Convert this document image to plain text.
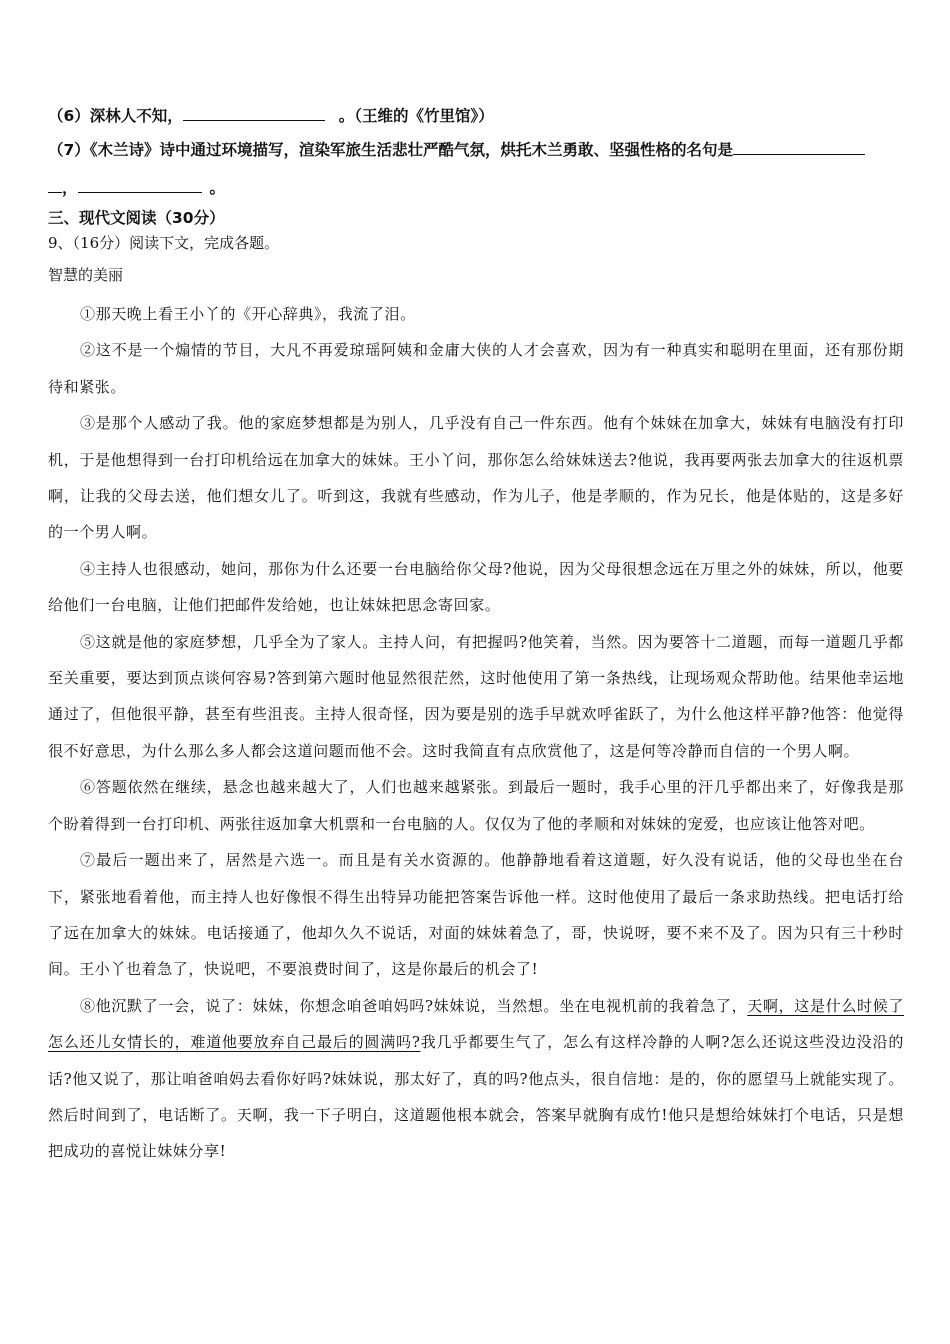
（6）深林人不知，	。（王维的《竹里馆》）
（7）《木兰诗》诗中通过环境描写，渲染军旅生活悲壮严酷气氛，烘托木兰勇敢、坚强性格的名句是
，	。
三、现代文阅读（30分）
9、（16分）阅读下文，完成各题。
智慧的美丽

①那天晚上看王小丫的《开心辞典》，我流了泪。

②这不是一个煽情的节目，大凡不再爱琼瑶阿姨和金庸大侠的人才会喜欢，因为有一种真实和聪明在里面，还有那份期待和紧张。

③是那个人感动了我。他的家庭梦想都是为别人，几乎没有自己一件东西。他有个妹妹在加拿大，妹妹有电脑没有打印机，于是他想得到一台打印机给远在加拿大的妹妹。王小丫问，那你怎么给妹妹送去?他说，我再要两张去加拿大的往返机票啊，让我的父母去送，他们想女儿了。听到这，我就有些感动，作为儿子，他是孝顺的，作为兄长，他是体贴的，这是多好的一个男人啊。

④主持人也很感动，她问，那你为什么还要一台电脑给你父母?他说，因为父母很想念远在万里之外的妹妹，所以，他要给他们一台电脑，让他们把邮件发给她，也让妹妹把思念寄回家。

⑤这就是他的家庭梦想，几乎全为了家人。主持人问，有把握吗?他笑着，当然。因为要答十二道题，而每一道题几乎都至关重要，要达到顶点谈何容易?答到第六题时他显然很茫然，这时他使用了第一条热线，让现场观众帮助他。结果他幸运地通过了，但他很平静，甚至有些沮丧。主持人很奇怪，因为要是别的选手早就欢呼雀跃了，为什么他这样平静?他答：他觉得很不好意思，为什么那么多人都会这道问题而他不会。这时我简直有点欣赏他了，这是何等冷静而自信的一个男人啊。

⑥答题依然在继续，悬念也越来越大了，人们也越来越紧张。到最后一题时，我手心里的汗几乎都出来了，好像我是那个盼着得到一台打印机、两张往返加拿大机票和一台电脑的人。仅仅为了他的孝顺和对妹妹的宠爱，也应该让他答对吧。

⑦最后一题出来了，居然是六选一。而且是有关水资源的。他静静地看着这道题，好久没有说话，他的父母也坐在台下，紧张地看着他，而主持人也好像恨不得生出特异功能把答案告诉他一样。这时他使用了最后一条求助热线。把电话打给了远在加拿大的妹妹。电话接通了，他却久久不说话，对面的妹妹着急了，哥，快说呀，要不来不及了。因为只有三十秒时间。王小丫也着急了，快说吧，不要浪费时间了，这是你最后的机会了!

⑧他沉默了一会，说了：妹妹，你想念咱爸咱妈吗?妹妹说，当然想。坐在电视机前的我着急了，天啊，这是什么时候了怎么还儿女情长的，难道他要放弃自己最后的圆满吗?我几乎都要生气了，怎么有这样冷静的人啊?怎么还说这些没边没沿的话?他又说了，那让咱爸咱妈去看你好吗?妹妹说，那太好了，真的吗?他点头，很自信地：是的，你的愿望马上就能实现了。然后时间到了，电话断了。天啊，我一下子明白，这道题他根本就会，答案早就胸有成竹!他只是想给妹妹打个电话，只是想把成功的喜悦让妹妹分享!
